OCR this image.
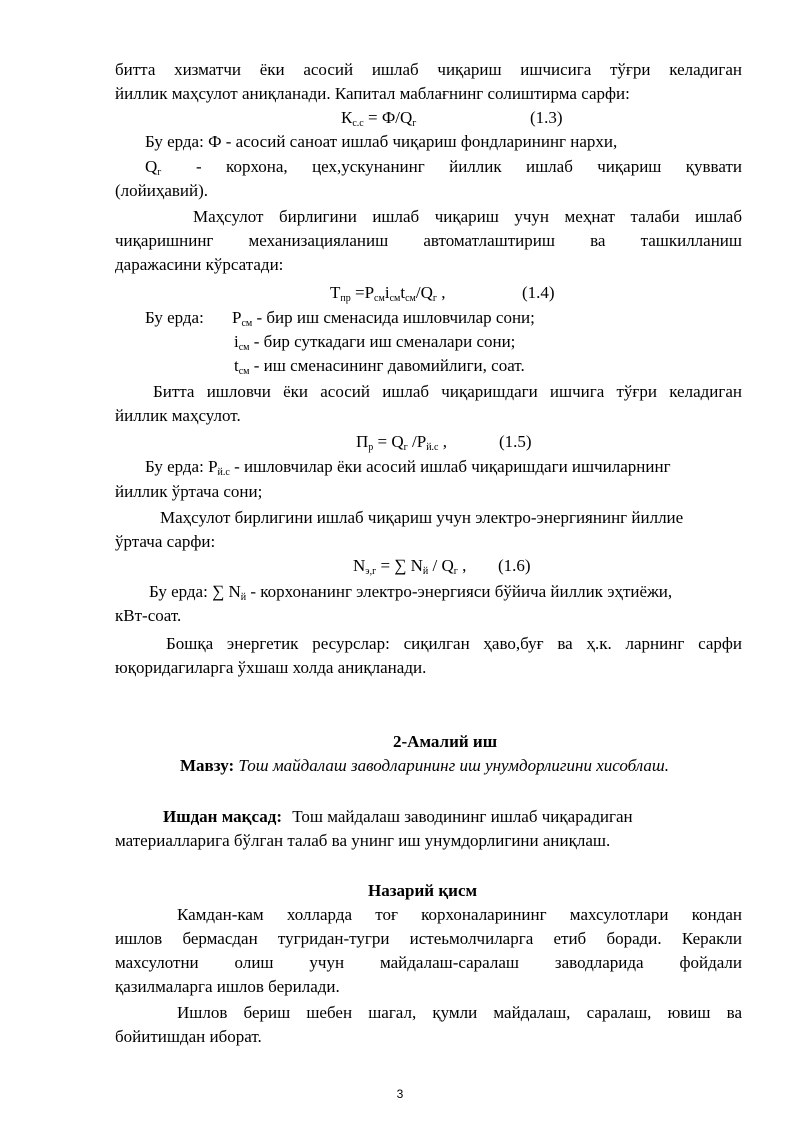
битта хизматчи ёки асосий ишлаб чиқариш ишчисига тўғри келадиган
йиллик маҳсулот аниқланади. Капитал маблағнинг солиштирма сарфи:
$К_{с.с} = Ф/Q_г$	(1.3)
Бу ерда: Ф - асосий саноат ишлаб чиқариш фондларининг нархи,
$Q_г$ - корхона, цех,ускунанинг йиллик ишлаб чиқариш қуввати
(лойиҳавий).
Маҳсулот бирлигини ишлаб чиқариш учун меҳнат талаби ишлаб
чиқаришнинг механизацияланиш автоматлаштириш ва ташкилланиш
даражасини кўрсатади:
$Т_{пр} =Р_{см}i_{см}t_{см}/Q_г$ ,	(1.4)
Бу ерда: $Р_{см}$ - бир иш сменасида ишловчилар сони;
$i_{см}$ - бир суткадаги иш сменалари сони;
$t_{см}$ - иш сменасининг давомийлиги, соат.
Битта ишловчи ёки асосий ишлаб чиқаришдаги ишчига тўғри келадиган
йиллик маҳсулот.
$П_р = Q_г$ $/Р_{й.с}$ ,	(1.5)
Бу ерда: $Р_{й.с}$ - ишловчилар ёки асосий ишлаб чиқаришдаги ишчиларнинг
йиллик ўртача сони;
Маҳсулот бирлигини ишлаб чиқариш учун электро-энергиянинг йиллие
ўртача сарфи:
$N_{э,г}$ = ∑ $N_й / Q_г$ , (1.6)
Бу ерда: ∑ $N_й$ - корхонанинг электро-энергияси бўйича йиллик эҳтиёжи,
кВт-соат.
Бошқа энергетик ресурслар: сиқилган ҳаво,буғ ва ҳ.к. ларнинг сарфи
юқоридагиларга ўхшаш холда аниқланади.
2-Амалий иш
Мавзу: Тош майдалаш заводларининг иш унумдорлигини хисоблаш.
Ишдан мақсад: Тош майдалаш заводининг ишлаб чиқарадиган
материалларига бўлган талаб ва унинг иш унумдорлигини аниқлаш.
Назарий қисм
Камдан-кам холларда тоғ корхоналарининг махсулотлари кондан
ишлов бермасдан тугридан-тугри истеьмолчиларга етиб боради. Керакли
махсулотни олиш учун майдалаш-саралаш заводларида фойдали
қазилмаларга ишлов берилади.
Ишлов бериш шебен шагал, қумли майдалаш, саралаш, ювиш ва
бойитишдан иборат.
3
